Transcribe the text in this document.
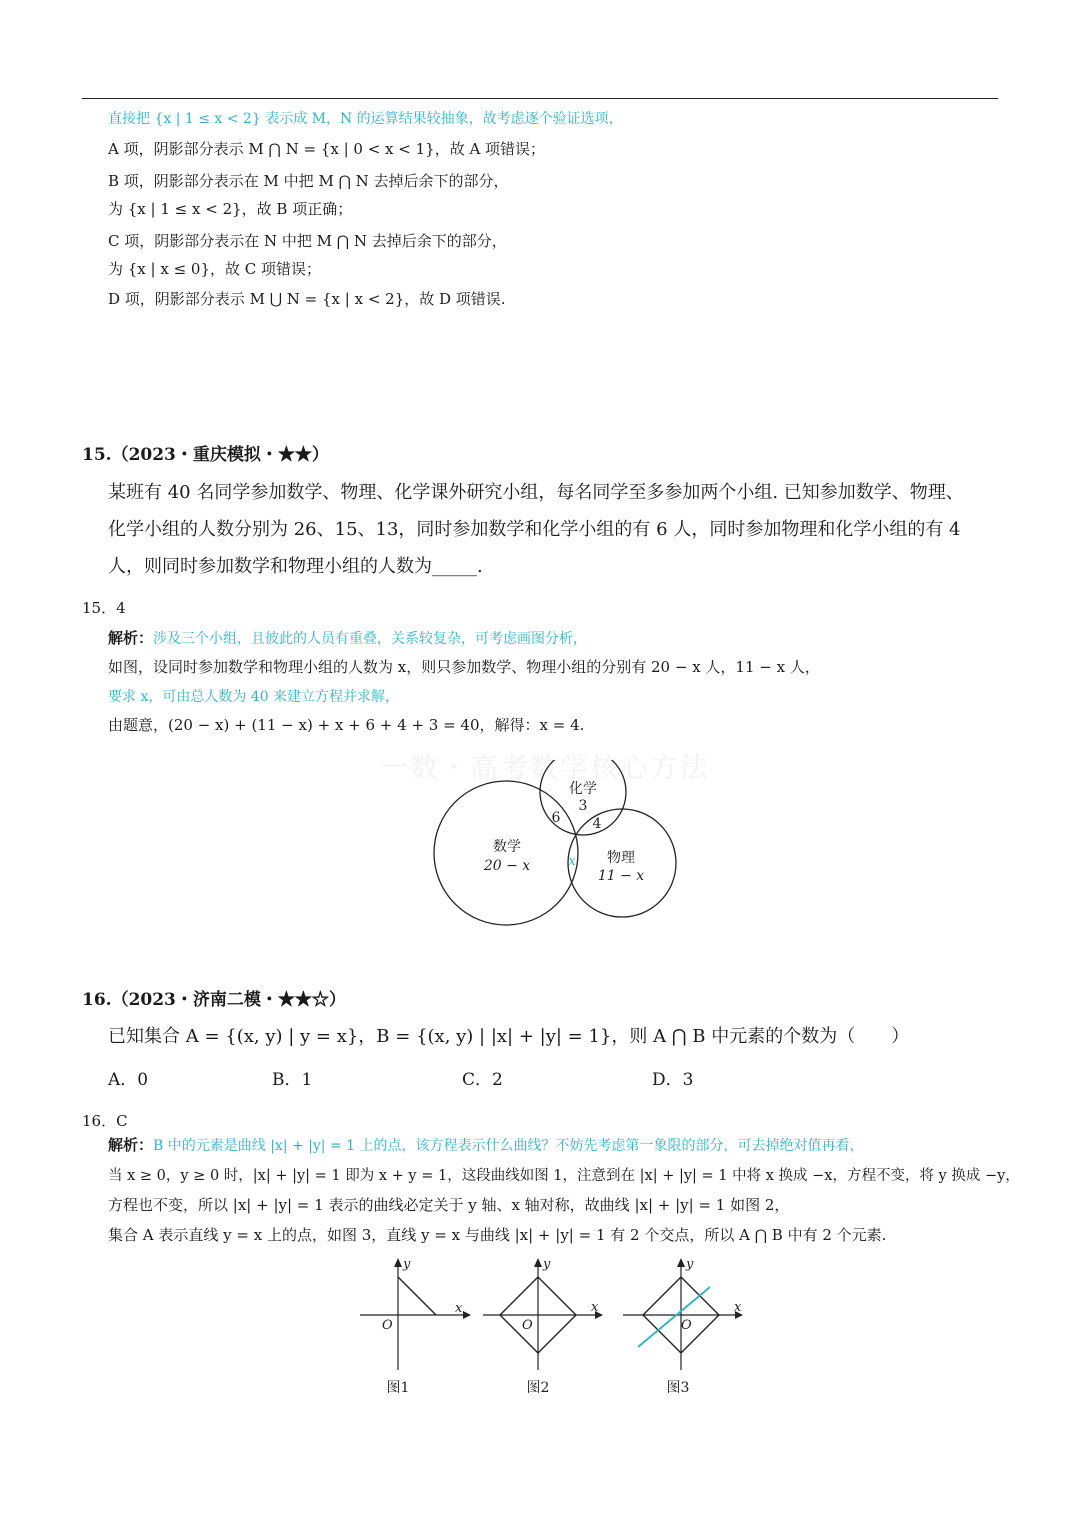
直接把 {x | 1 ≤ x < 2} 表示成 M，N 的运算结果较抽象，故考虑逐个验证选项，
A 项，阴影部分表示 M ⋂ N = {x | 0 < x < 1}，故 A 项错误；
B 项，阴影部分表示在 M 中把 M ⋂ N 去掉后余下的部分，
为 {x | 1 ≤ x < 2}，故 B 项正确；
C 项，阴影部分表示在 N 中把 M ⋂ N 去掉后余下的部分，
为 {x | x ≤ 0}，故 C 项错误；
D 项，阴影部分表示 M ⋃ N = {x | x < 2}，故 D 项错误.
15.（2023・重庆模拟・★★）
某班有 40 名同学参加数学、物理、化学课外研究小组，每名同学至多参加两个小组. 已知参加数学、物理、
化学小组的人数分别为 26、15、13，同时参加数学和化学小组的有 6 人，同时参加物理和化学小组的有 4
人，则同时参加数学和物理小组的人数为_____.
15．4
解析：涉及三个小组，且彼此的人员有重叠，关系较复杂，可考虑画图分析，
如图，设同时参加数学和物理小组的人数为 x，则只参加数学、物理小组的分别有 20 − x 人，11 − x 人，
要求 x，可由总人数为 40 来建立方程并求解，
由题意，(20 − x) + (11 − x) + x + 6 + 4 + 3 = 40，解得：x = 4.
一数・高考数学核心方法
化学
3
6 4
数学
20 − x	物理
11 − x
x
16.（2023・济南二模・★★☆）
已知集合 A = {(x, y) | y = x}，B = {(x, y) | |x| + |y| = 1}，则 A ⋂ B 中元素的个数为（　　）
A．0	B．1	C．2	D．3
16．C
解析：B 中的元素是曲线 |x| + |y| = 1 上的点，该方程表示什么曲线？不妨先考虑第一象限的部分，可去掉绝对值再看，
当 x ≥ 0，y ≥ 0 时，|x| + |y| = 1 即为 x + y = 1，这段曲线如图 1，注意到在 |x| + |y| = 1 中将 x 换成 −x，方程不变，将 y 换成 −y，
方程也不变，所以 |x| + |y| = 1 表示的曲线必定关于 y 轴、x 轴对称，故曲线 |x| + |y| = 1 如图 2，
集合 A 表示直线 y = x 上的点，如图 3，直线 y = x 与曲线 |x| + |y| = 1 有 2 个交点，所以 A ⋂ B 中有 2 个元素.
x
y
O
图1
x
y
O
图2
x
y
O
图3
